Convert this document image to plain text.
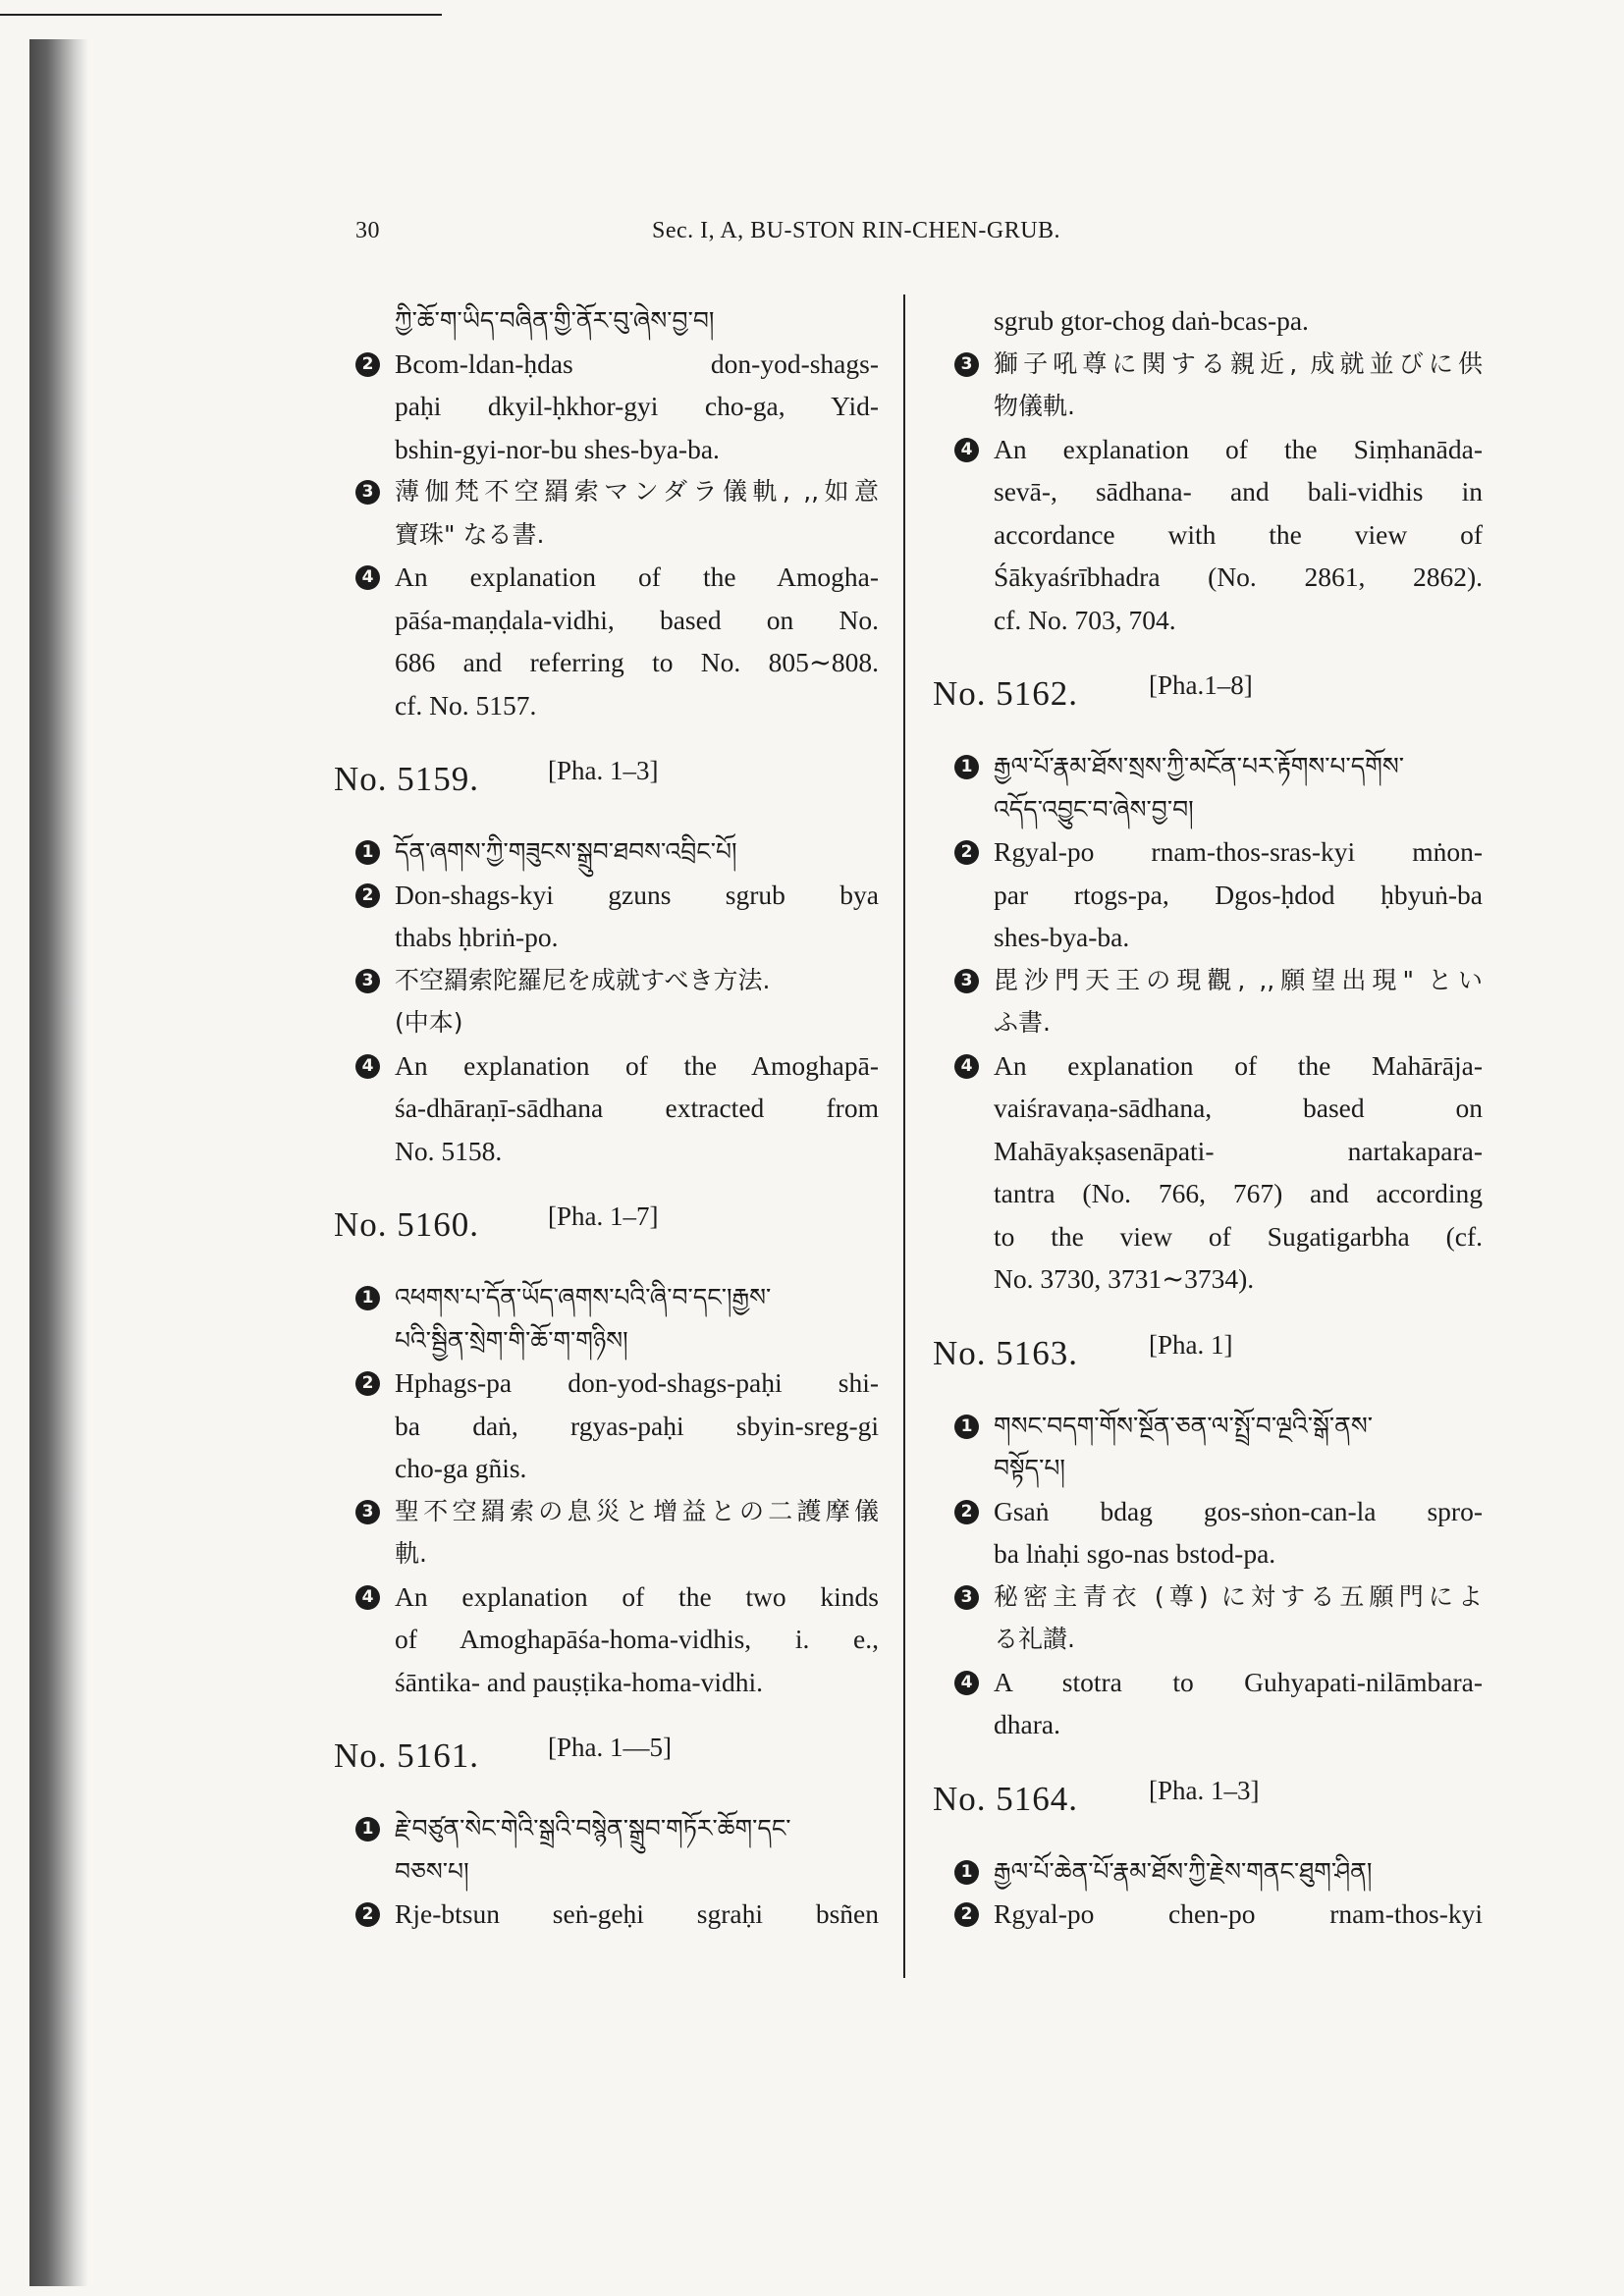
30	Sec. I, A, BU-STON RIN-CHEN-GRUB.
ཀྱི་ཆོ་ག་ཡིད་བཞིན་གྱི་ནོར་བུ་ཞེས་བྱ་བ།
2 Bcom-ldan-ḥdas don-yod-shags-
paḥi dkyil-ḥkhor-gyi cho-ga, Yid-
bshin-gyi-nor-bu shes-bya-ba.
3 薄伽梵不空羂索マンダラ儀軌, ,,如意
寶珠" なる書.
4 An explanation of the Amogha-
pāśa-maṇḍala-vidhi, based on No.
686 and referring to No. 805∼808.
cf. No. 5157.
No. 5159.	[Pha. 1–3]
1 དོན་ཞགས་ཀྱི་གཟུངས་སྒྲུབ་ཐབས་འབྲིང་པོ།
2 Don-shags-kyi gzuns sgrub bya
thabs ḥbriṅ-po.
3 不空羂索陀羅尼を成就すべき方法.
(中本)
4 An explanation of the Amoghapā-
śa-dhāraṇī-sādhana extracted from
No. 5158.
No. 5160.	[Pha. 1–7]
1 འཕགས་པ་དོན་ཡོད་ཞགས་པའི་ཞི་བ་དང་།རྒྱས་
པའི་སྦྱིན་སྲེག་གི་ཆོ་ག་གཉིས།
2 Hphags-pa don-yod-shags-paḥi shi-
ba daṅ, rgyas-paḥi sbyin-sreg-gi
cho-ga gñis.
3 聖不空羂索の息災と增益との二護摩儀
軌.
4 An explanation of the two kinds
of Amoghapāśa-homa-vidhis, i. e.,
śāntika- and pauṣṭika-homa-vidhi.
No. 5161.	[Pha. 1—5]
1 རྗེ་བཙུན་སེང་གེའི་སྒྲའི་བསྙེན་སྒྲུབ་གཏོར་ཆོག་དང་
བཅས་པ།
2 Rje-btsun seṅ-geḥi sgraḥi bsñen
sgrub gtor-chog daṅ-bcas-pa.
3 獅子吼尊に関する親近, 成就並びに供
物儀軌.
4 An explanation of the Siṃhanāda-
sevā-, sādhana- and bali-vidhis in
accordance with the view of
Śākyaśrībhadra (No. 2861, 2862).
cf. No. 703, 704.
No. 5162.	[Pha.1–8]
1 རྒྱལ་པོ་རྣམ་ཐོས་སྲས་ཀྱི་མངོན་པར་རྟོགས་པ་དགོས་
འདོད་འབྱུང་བ་ཞེས་བྱ་བ།
2 Rgyal-po rnam-thos-sras-kyi mṅon-
par rtogs-pa, Dgos-ḥdod ḥbyuṅ-ba
shes-bya-ba.
3 毘沙門天王の現觀, ,,願望出現" とい
ふ書.
4 An explanation of the Mahārāja-
vaiśravaṇa-sādhana, based on
Mahāyakṣasenāpati- nartakapara-
tantra (No. 766, 767) and according
to the view of Sugatigarbha (cf.
No. 3730, 3731∼3734).
No. 5163.	[Pha. 1]
1 གསང་བདག་གོས་སྔོན་ཅན་ལ་སྤྲོ་བ་ལྔའི་སྒོ་ནས་
བསྟོད་པ།
2 Gsaṅ bdag gos-sṅon-can-la spro-
ba lṅaḥi sgo-nas bstod-pa.
3 秘密主青衣 (尊) に対する五願門によ
る礼讃.
4 A stotra to Guhyapati-nilāmbara-
dhara.
No. 5164.	[Pha. 1–3]
1 རྒྱལ་པོ་ཆེན་པོ་རྣམ་ཐོས་ཀྱི་རྗེས་གནང་ཐུག་ཤིན།
2 Rgyal-po chen-po rnam-thos-kyi
